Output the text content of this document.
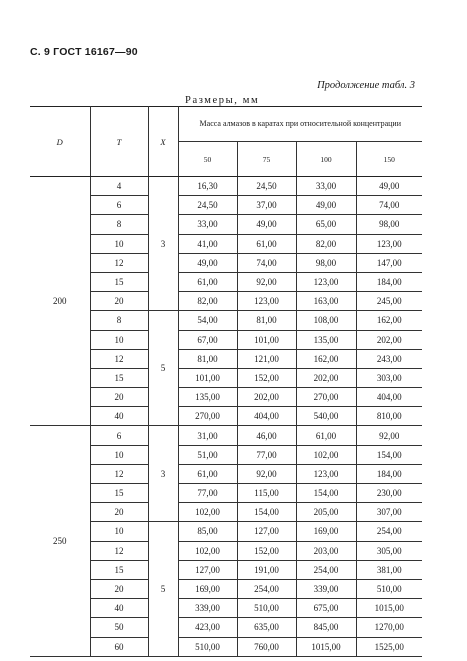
С. 9 ГОСТ 16167—90
Продолжение табл. 3
Размеры, мм
D	T	X	Масса алмазов в каратах при относительной концентрации			
			50	75	100	150
200	4	3	16,30	24,50	33,00	49,00
	6		24,50	37,00	49,00	74,00
	8		33,00	49,00	65,00	98,00
	10		41,00	61,00	82,00	123,00
	12		49,00	74,00	98,00	147,00
	15		61,00	92,00	123,00	184,00
	20		82,00	123,00	163,00	245,00
	8	5	54,00	81,00	108,00	162,00
	10		67,00	101,00	135,00	202,00
	12		81,00	121,00	162,00	243,00
	15		101,00	152,00	202,00	303,00
	20		135,00	202,00	270,00	404,00
	40		270,00	404,00	540,00	810,00
250	6	3	31,00	46,00	61,00	92,00
	10		51,00	77,00	102,00	154,00
	12		61,00	92,00	123,00	184,00
	15		77,00	115,00	154,00	230,00
	20		102,00	154,00	205,00	307,00
	10	5	85,00	127,00	169,00	254,00
	12		102,00	152,00	203,00	305,00
	15		127,00	191,00	254,00	381,00
	20		169,00	254,00	339,00	510,00
	40		339,00	510,00	675,00	1015,00
	50		423,00	635,00	845,00	1270,00
	60		510,00	760,00	1015,00	1525,00
